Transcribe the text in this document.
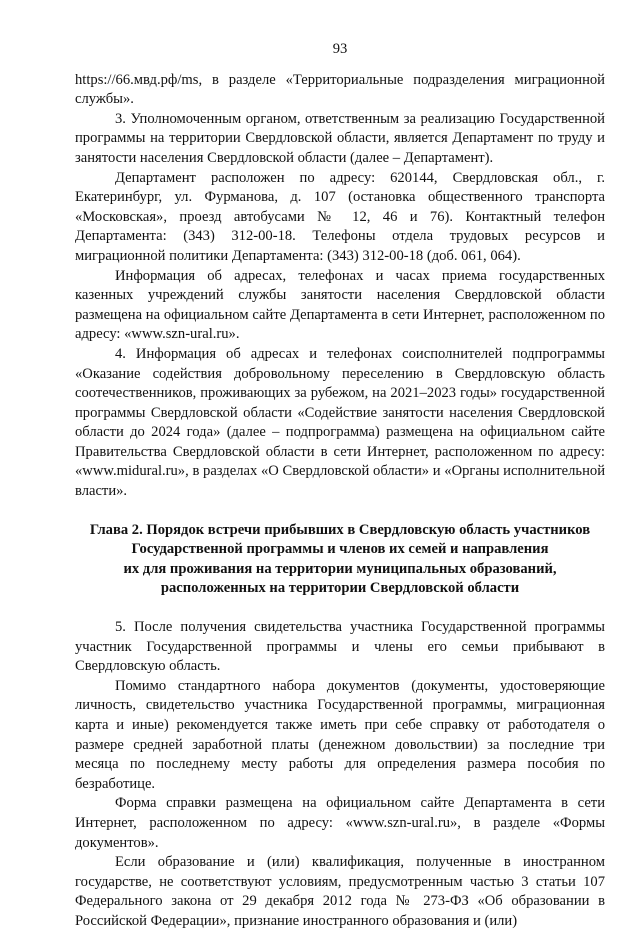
93

https://66.мвд.рф/ms, в разделе «Территориальные подразделения миграционной службы».

3. Уполномоченным органом, ответственным за реализацию Государственной программы на территории Свердловской области, является Департамент по труду и занятости населения Свердловской области (далее – Департамент).

Департамент расположен по адресу: 620144, Свердловская обл., г. Екатеринбург, ул. Фурманова, д. 107 (остановка общественного транспорта «Московская», проезд автобусами № 12, 46 и 76). Контактный телефон Департамента: (343) 312-00-18. Телефоны отдела трудовых ресурсов и миграционной политики Департамента: (343) 312-00-18 (доб. 061, 064).

Информация об адресах, телефонах и часах приема государственных казенных учреждений службы занятости населения Свердловской области размещена на официальном сайте Департамента в сети Интернет, расположенном по адресу: «www.szn-ural.ru».

4. Информация об адресах и телефонах соисполнителей подпрограммы «Оказание содействия добровольному переселению в Свердловскую область соотечественников, проживающих за рубежом, на 2021–2023 годы» государственной программы Свердловской области «Содействие занятости населения Свердловской области до 2024 года» (далее – подпрограмма) размещена на официальном сайте Правительства Свердловской области в сети Интернет, расположенном по адресу: «www.midural.ru», в разделах «О Свердловской области» и «Органы исполнительной власти».

Глава 2. Порядок встречи прибывших в Свердловскую область участников
Государственной программы и членов их семей и направления
их для проживания на территории муниципальных образований,
расположенных на территории Свердловской области

5. После получения свидетельства участника Государственной программы участник Государственной программы и члены его семьи прибывают в Свердловскую область.

Помимо стандартного набора документов (документы, удостоверяющие личность, свидетельство участника Государственной программы, миграционная карта и иные) рекомендуется также иметь при себе справку от работодателя о размере средней заработной платы (денежном довольствии) за последние три месяца по последнему месту работы для определения размера пособия по безработице.

Форма справки размещена на официальном сайте Департамента в сети Интернет, расположенном по адресу: «www.szn-ural.ru», в разделе «Формы документов».

Если образование и (или) квалификация, полученные в иностранном государстве, не соответствуют условиям, предусмотренным частью 3 статьи 107 Федерального закона от 29 декабря 2012 года № 273-ФЗ «Об образовании в Российской Федерации», признание иностранного образования и (или)
